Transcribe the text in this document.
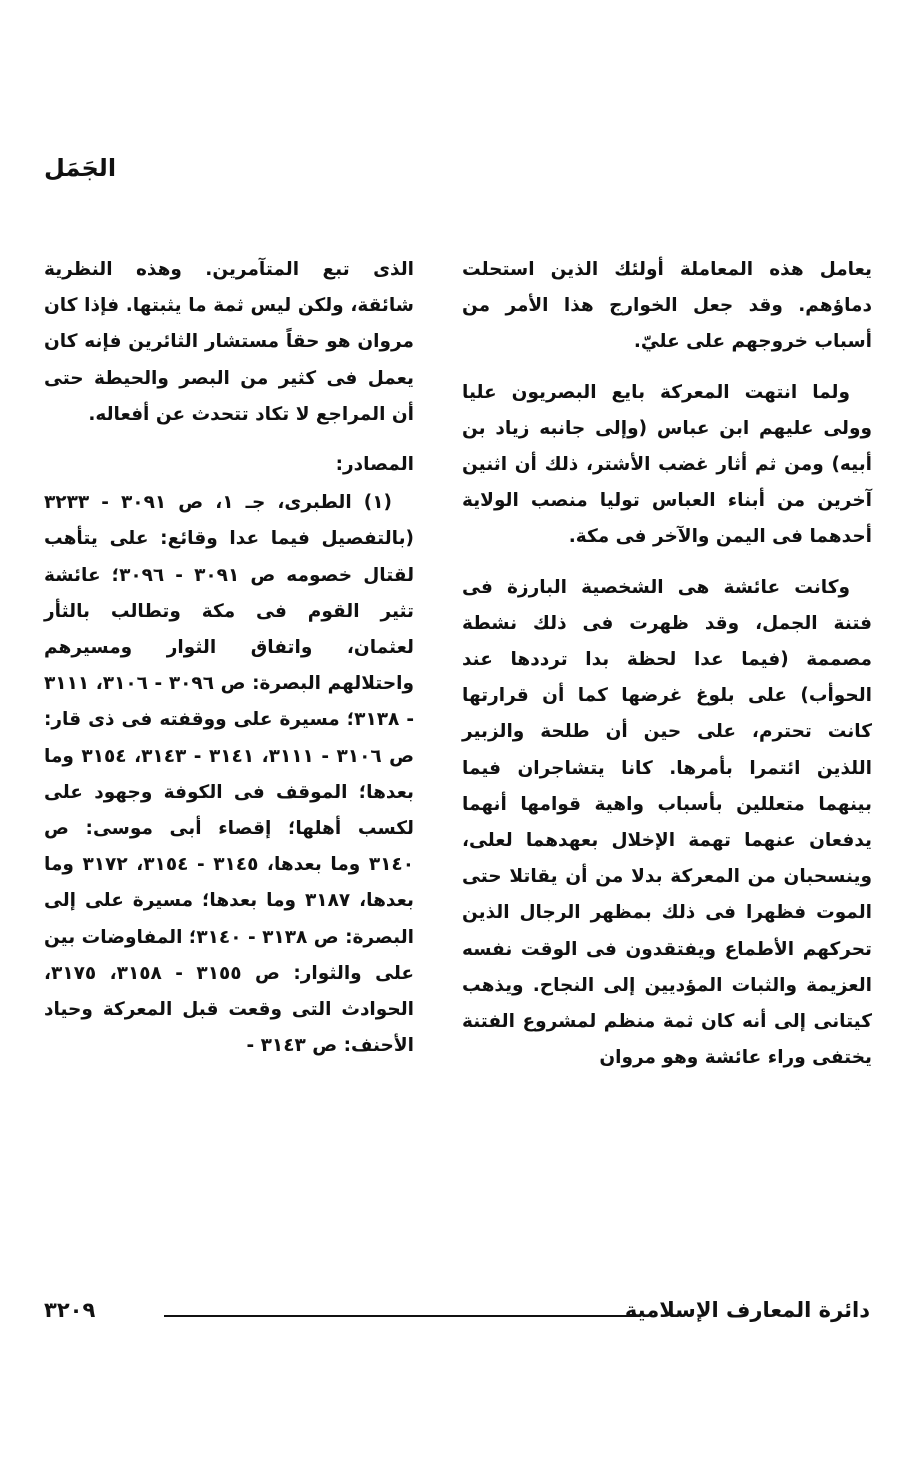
الجَمَل

يعامل هذه المعاملة أولئك الذين استحلت دماؤهم. وقد جعل الخوارج هذا الأمر من أسباب خروجهم على عليّ.

ولما انتهت المعركة بايع البصريون عليا وولى عليهم ابن عباس (وإلى جانبه زياد بن أبيه) ومن ثم أثار غضب الأشتر، ذلك أن اثنين آخرين من أبناء العباس توليا منصب الولاية أحدهما فى اليمن والآخر فى مكة.

وكانت عائشة هى الشخصية البارزة فى فتنة الجمل، وقد ظهرت فى ذلك نشطة مصممة (فيما عدا لحظة بدا ترددها عند الحوأب) على بلوغ غرضها كما أن قرارتها كانت تحترم، على حين أن طلحة والزبير اللذين ائتمرا بأمرها. كانا يتشاجران فيما بينهما متعللين بأسباب واهية قوامها أنهما يدفعان عنهما تهمة الإخلال بعهدهما لعلى، وينسحبان من المعركة بدلا من أن يقاتلا حتى الموت فظهرا فى ذلك بمظهر الرجال الذين تحركهم الأطماع ويفتقدون فى الوقت نفسه العزيمة والثبات المؤديين إلى النجاح. ويذهب كيتانى إلى أنه كان ثمة منظم لمشروع الفتنة يختفى وراء عائشة وهو مروان

الذى تبع المتآمرين. وهذه النظرية شائقة، ولكن ليس ثمة ما يثبتها. فإذا كان مروان هو حقاً مستشار الثائرين فإنه كان يعمل فى كثير من البصر والحيطة حتى أن المراجع لا تكاد تتحدث عن أفعاله.

المصادر:

(١) الطبرى، جـ ١، ص ٣٠٩١ - ٣٢٣٣ (بالتفصيل فيما عدا وقائع: على يتأهب لقتال خصومه ص ٣٠٩١ - ٣٠٩٦؛ عائشة تثير القوم فى مكة وتطالب بالثأر لعثمان، واتفاق الثوار ومسيرهم واحتلالهم البصرة: ص ٣٠٩٦ - ٣١٠٦، ٣١١١ - ٣١٣٨؛ مسيرة على ووقفته فى ذى قار: ص ٣١٠٦ - ٣١١١، ٣١٤١ - ٣١٤٣، ٣١٥٤ وما بعدها؛ الموقف فى الكوفة وجهود على لكسب أهلها؛ إقصاء أبى موسى: ص ٣١٤٠ وما بعدها، ٣١٤٥ - ٣١٥٤، ٣١٧٢ وما بعدها، ٣١٨٧ وما بعدها؛ مسيرة على إلى البصرة: ص ٣١٣٨ - ٣١٤٠؛ المفاوضات بين على والثوار: ص ٣١٥٥ - ٣١٥٨، ٣١٧٥، الحوادث التى وقعت قبل المعركة وحياد الأحنف: ص ٣١٤٣ -

دائرة المعارف الإسلامية
٣٢٠٩
